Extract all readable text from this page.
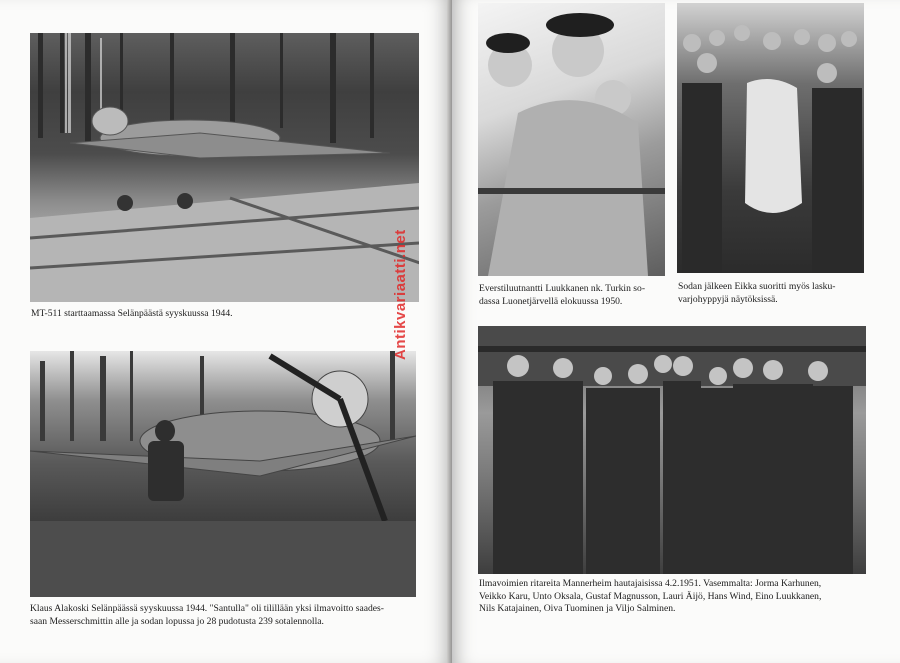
MT-511 starttaamassa Selänpäästä syyskuussa 1944.
Klaus Alakoski Selänpäässä syyskuussa 1944. "Santulla" oli tilillään yksi ilmavoitto saades-
saan Messerschmittin alle ja sodan lopussa jo 28 pudotusta 239 sotalennolla.
Antikvariaatti.net	Everstiluutnantti Luukkanen nk. Turkin so-
dassa Luonetjärvellä elokuussa 1950.
Sodan jälkeen Eikka suoritti myös lasku-
varjohyppyjä näytöksissä.
Ilmavoimien ritareita Mannerheim hautajaisissa 4.2.1951. Vasemmalta: Jorma Karhunen,
Veikko Karu, Unto Oksala, Gustaf Magnusson, Lauri Äijö, Hans Wind, Eino Luukkanen,
Nils Katajainen, Oiva Tuominen ja Viljo Salminen.
